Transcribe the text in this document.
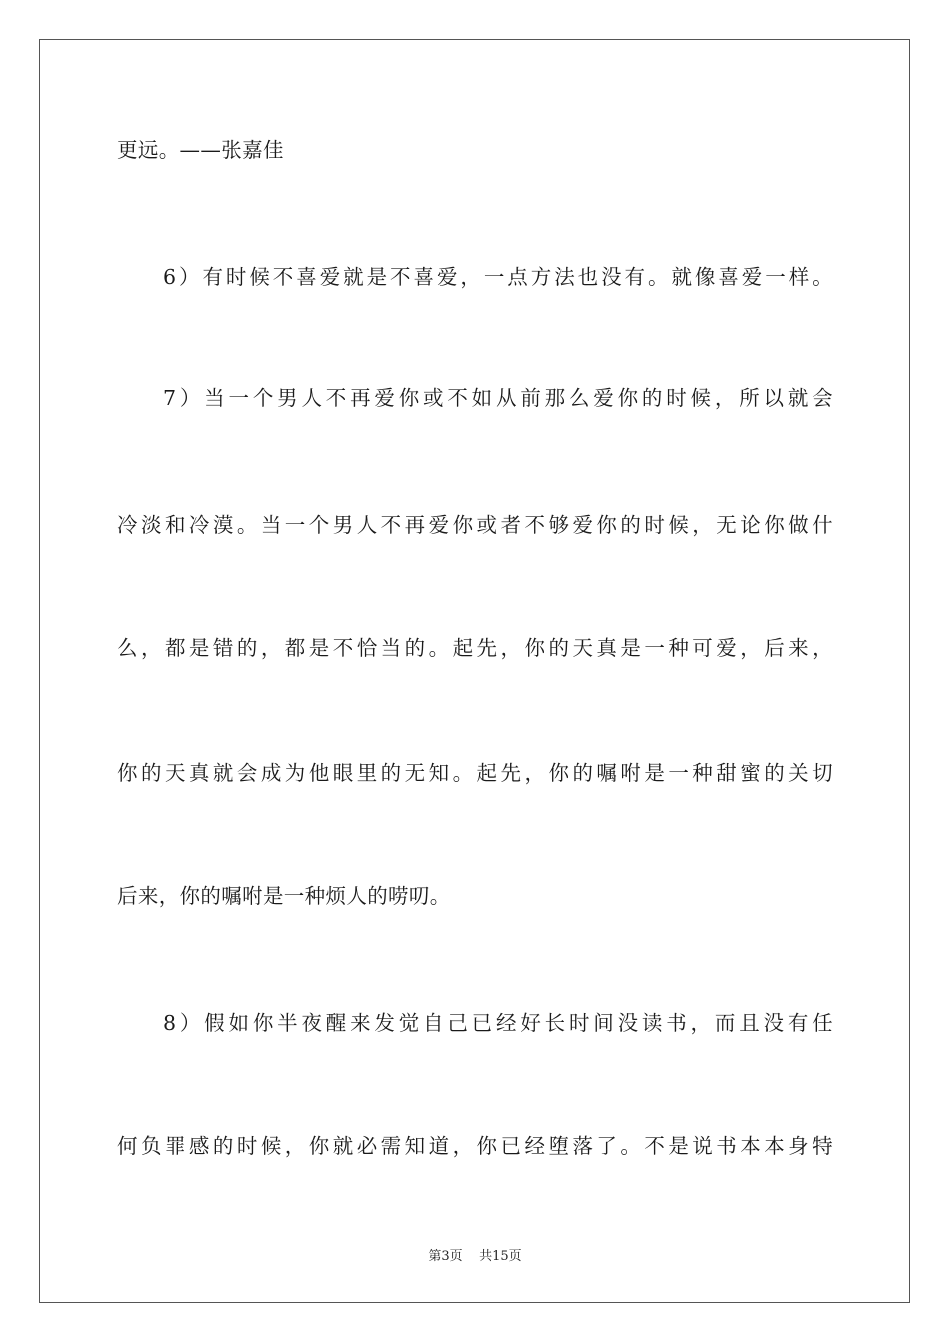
更远。——张嘉佳
6）有时候不喜爱就是不喜爱，一点方法也没有。就像喜爱一样。
7）当一个男人不再爱你或不如从前那么爱你的时候，所以就会
冷淡和冷漠。当一个男人不再爱你或者不够爱你的时候，无论你做什
么，都是错的，都是不恰当的。起先，你的天真是一种可爱，后来，
你的天真就会成为他眼里的无知。起先，你的嘱咐是一种甜蜜的关切
后来，你的嘱咐是一种烦人的唠叨。
8）假如你半夜醒来发觉自己已经好长时间没读书，而且没有任
何负罪感的时候，你就必需知道，你已经堕落了。不是说书本本身特
第3页 共15页
